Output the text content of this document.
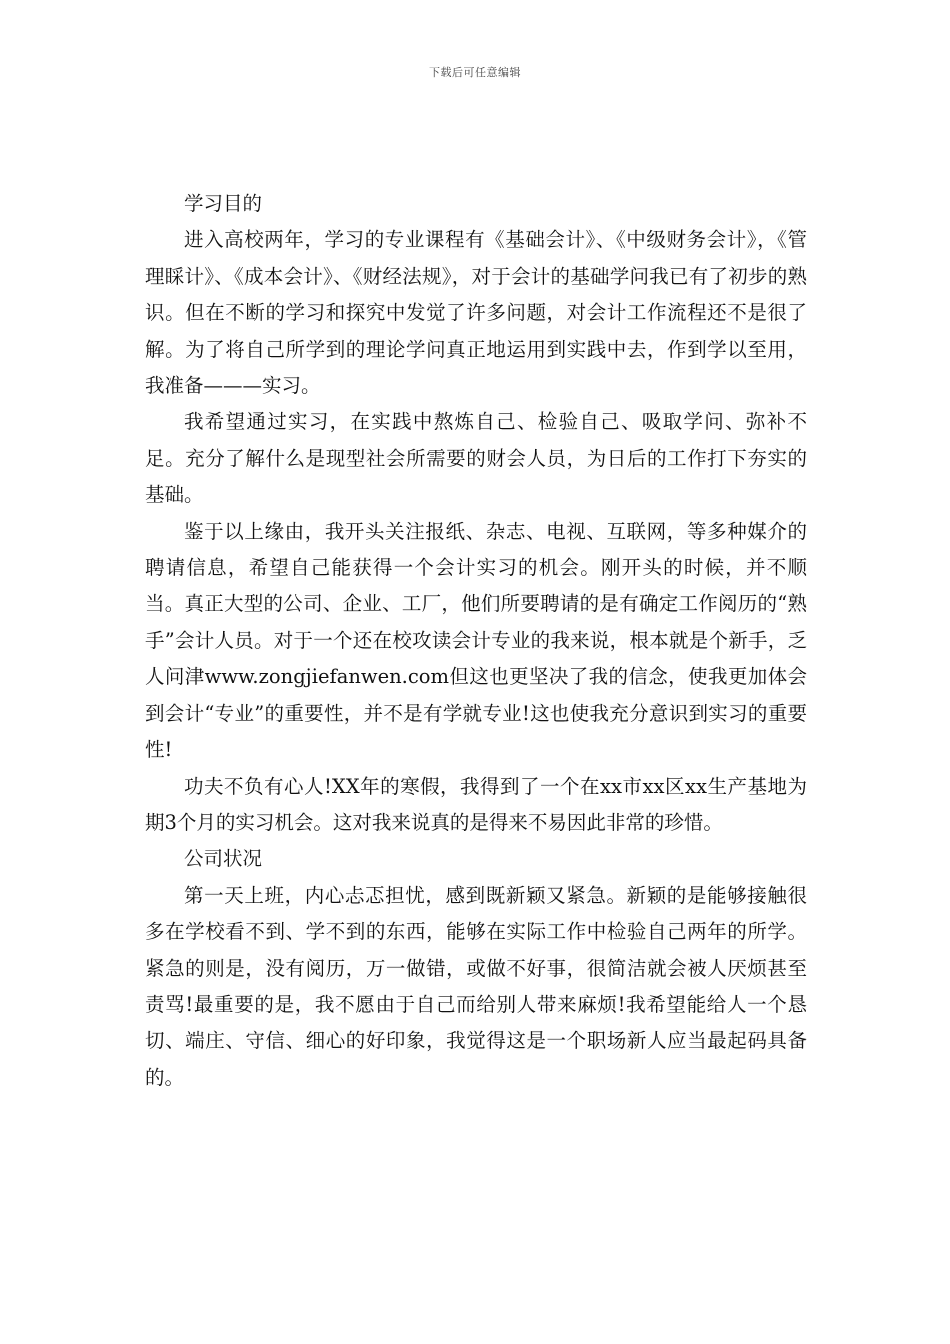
下载后可任意编辑

学习目的

进入高校两年，学习的专业课程有《基础会计》、《中级财务会计》，《管理睬计》、《成本会计》、《财经法规》，对于会计的基础学问我已有了初步的熟识。但在不断的学习和探究中发觉了许多问题，对会计工作流程还不是很了解。为了将自己所学到的理论学问真正地运用到实践中去，作到学以至用，我准备———实习。

我希望通过实习，在实践中熬炼自己、检验自己、吸取学问、弥补不足。充分了解什么是现型社会所需要的财会人员，为日后的工作打下夯实的基础。

鉴于以上缘由，我开头关注报纸、杂志、电视、互联网，等多种媒介的聘请信息，希望自己能获得一个会计实习的机会。刚开头的时候，并不顺当。真正大型的公司、企业、工厂，他们所要聘请的是有确定工作阅历的“熟手”会计人员。对于一个还在校攻读会计专业的我来说，根本就是个新手，乏人问津www.zongjiefanwen.com但这也更坚决了我的信念，使我更加体会到会计“专业”的重要性，并不是有学就专业!这也使我充分意识到实习的重要性!

功夫不负有心人!XX年的寒假，我得到了一个在xx市xx区xx生产基地为期3个月的实习机会。这对我来说真的是得来不易因此非常的珍惜。

公司状况

第一天上班，内心忐忑担忧，感到既新颖又紧急。新颖的是能够接触很多在学校看不到、学不到的东西，能够在实际工作中检验自己两年的所学。紧急的则是，没有阅历，万一做错，或做不好事，很简洁就会被人厌烦甚至责骂!最重要的是，我不愿由于自己而给别人带来麻烦!我希望能给人一个恳切、端庄、守信、细心的好印象，我觉得这是一个职场新人应当最起码具备的。
